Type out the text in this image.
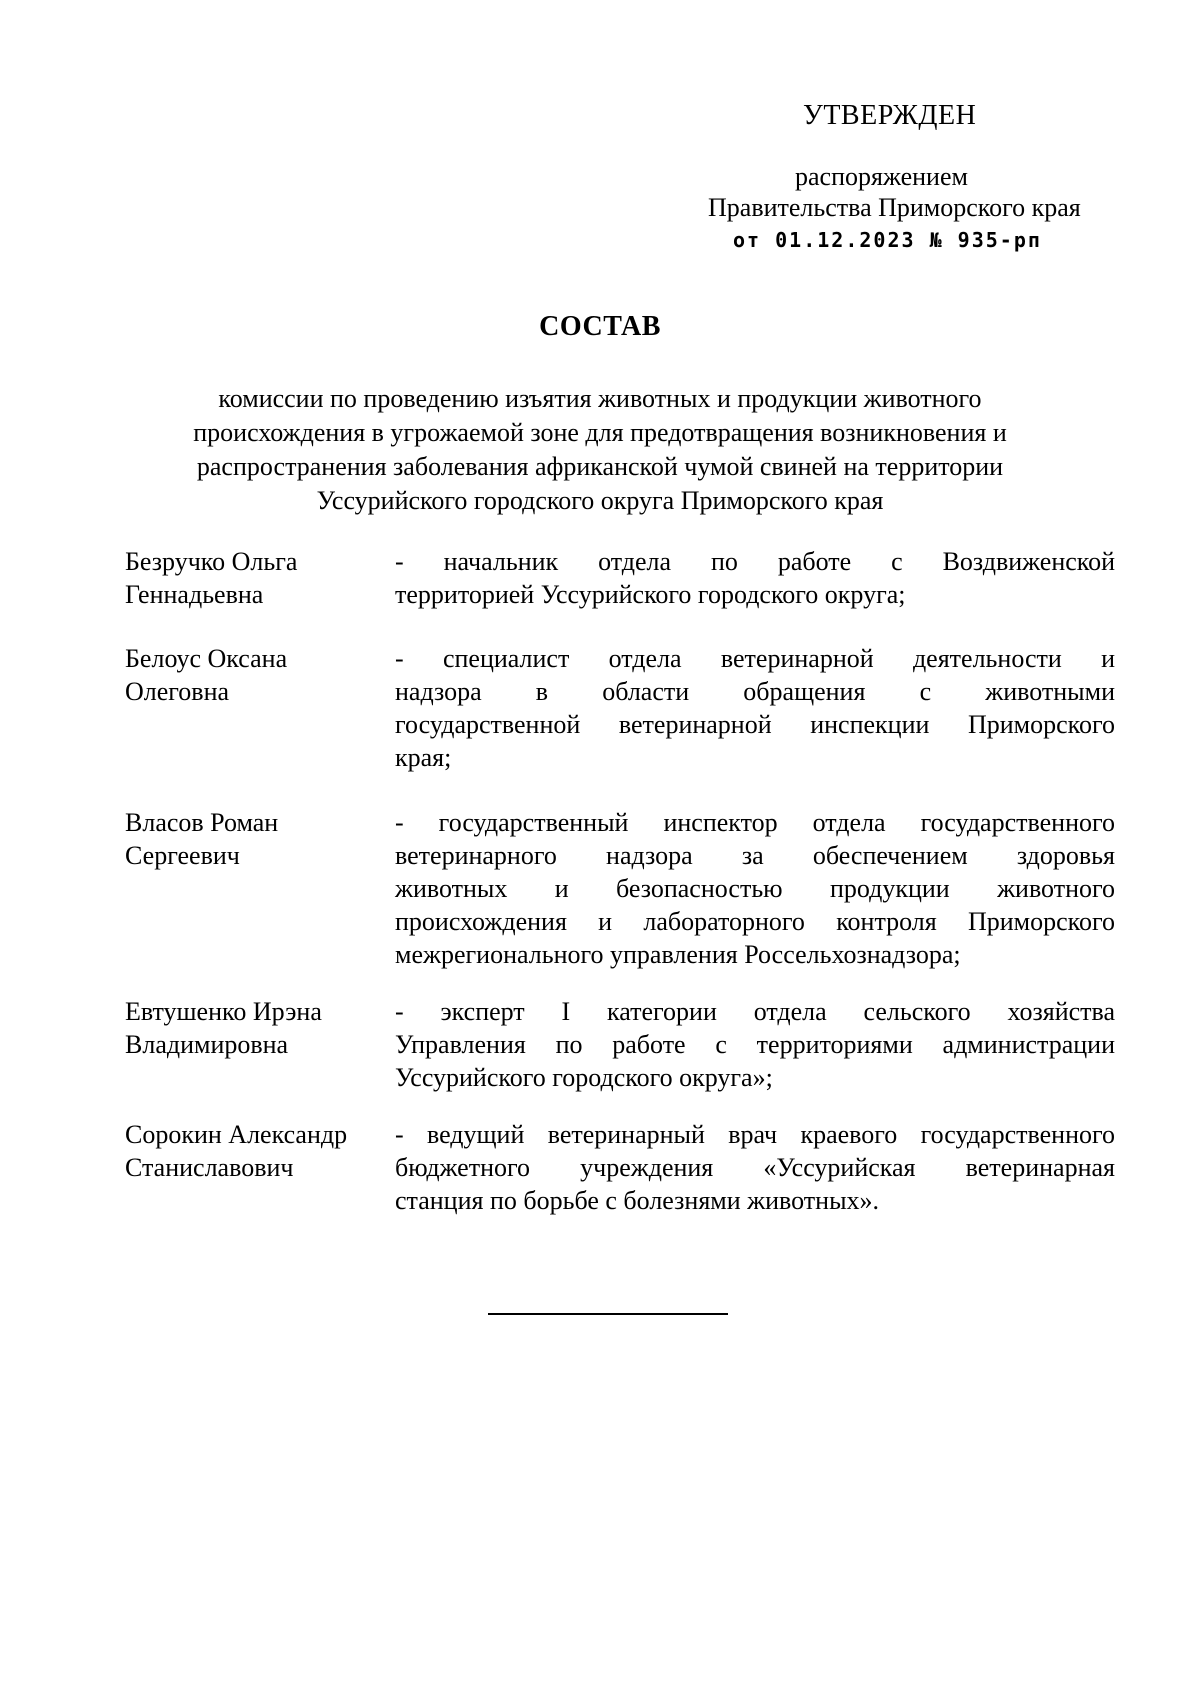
УТВЕРЖДЕН
распоряжением
Правительства Приморского края
от 01.12.2023 № 935-рп
СОСТАВ
комиссии по проведению изъятия животных и продукции животного
происхождения в угрожаемой зоне для предотвращения возникновения и
распространения заболевания африканской чумой свиней на территории
Уссурийского городского округа Приморского края
Безручко Ольга
Геннадьевна
- начальник отдела по работе с Воздвиженской
территорией Уссурийского городского округа;
Белоус Оксана
Олеговна
- специалист отдела ветеринарной деятельности и
надзора в области обращения с животными
государственной ветеринарной инспекции Приморского
края;
Власов Роман
Сергеевич
- государственный инспектор отдела государственного
ветеринарного надзора за обеспечением здоровья
животных и безопасностью продукции животного
происхождения и лабораторного контроля Приморского
межрегионального управления Россельхознадзора;
Евтушенко Ирэна
Владимировна
- эксперт I категории отдела сельского хозяйства
Управления по работе с территориями администрации
Уссурийского городского округа»;
Сорокин Александр
Станиславович
- ведущий ветеринарный врач краевого государственного
бюджетного учреждения «Уссурийская ветеринарная
станция по борьбе с болезнями животных».
